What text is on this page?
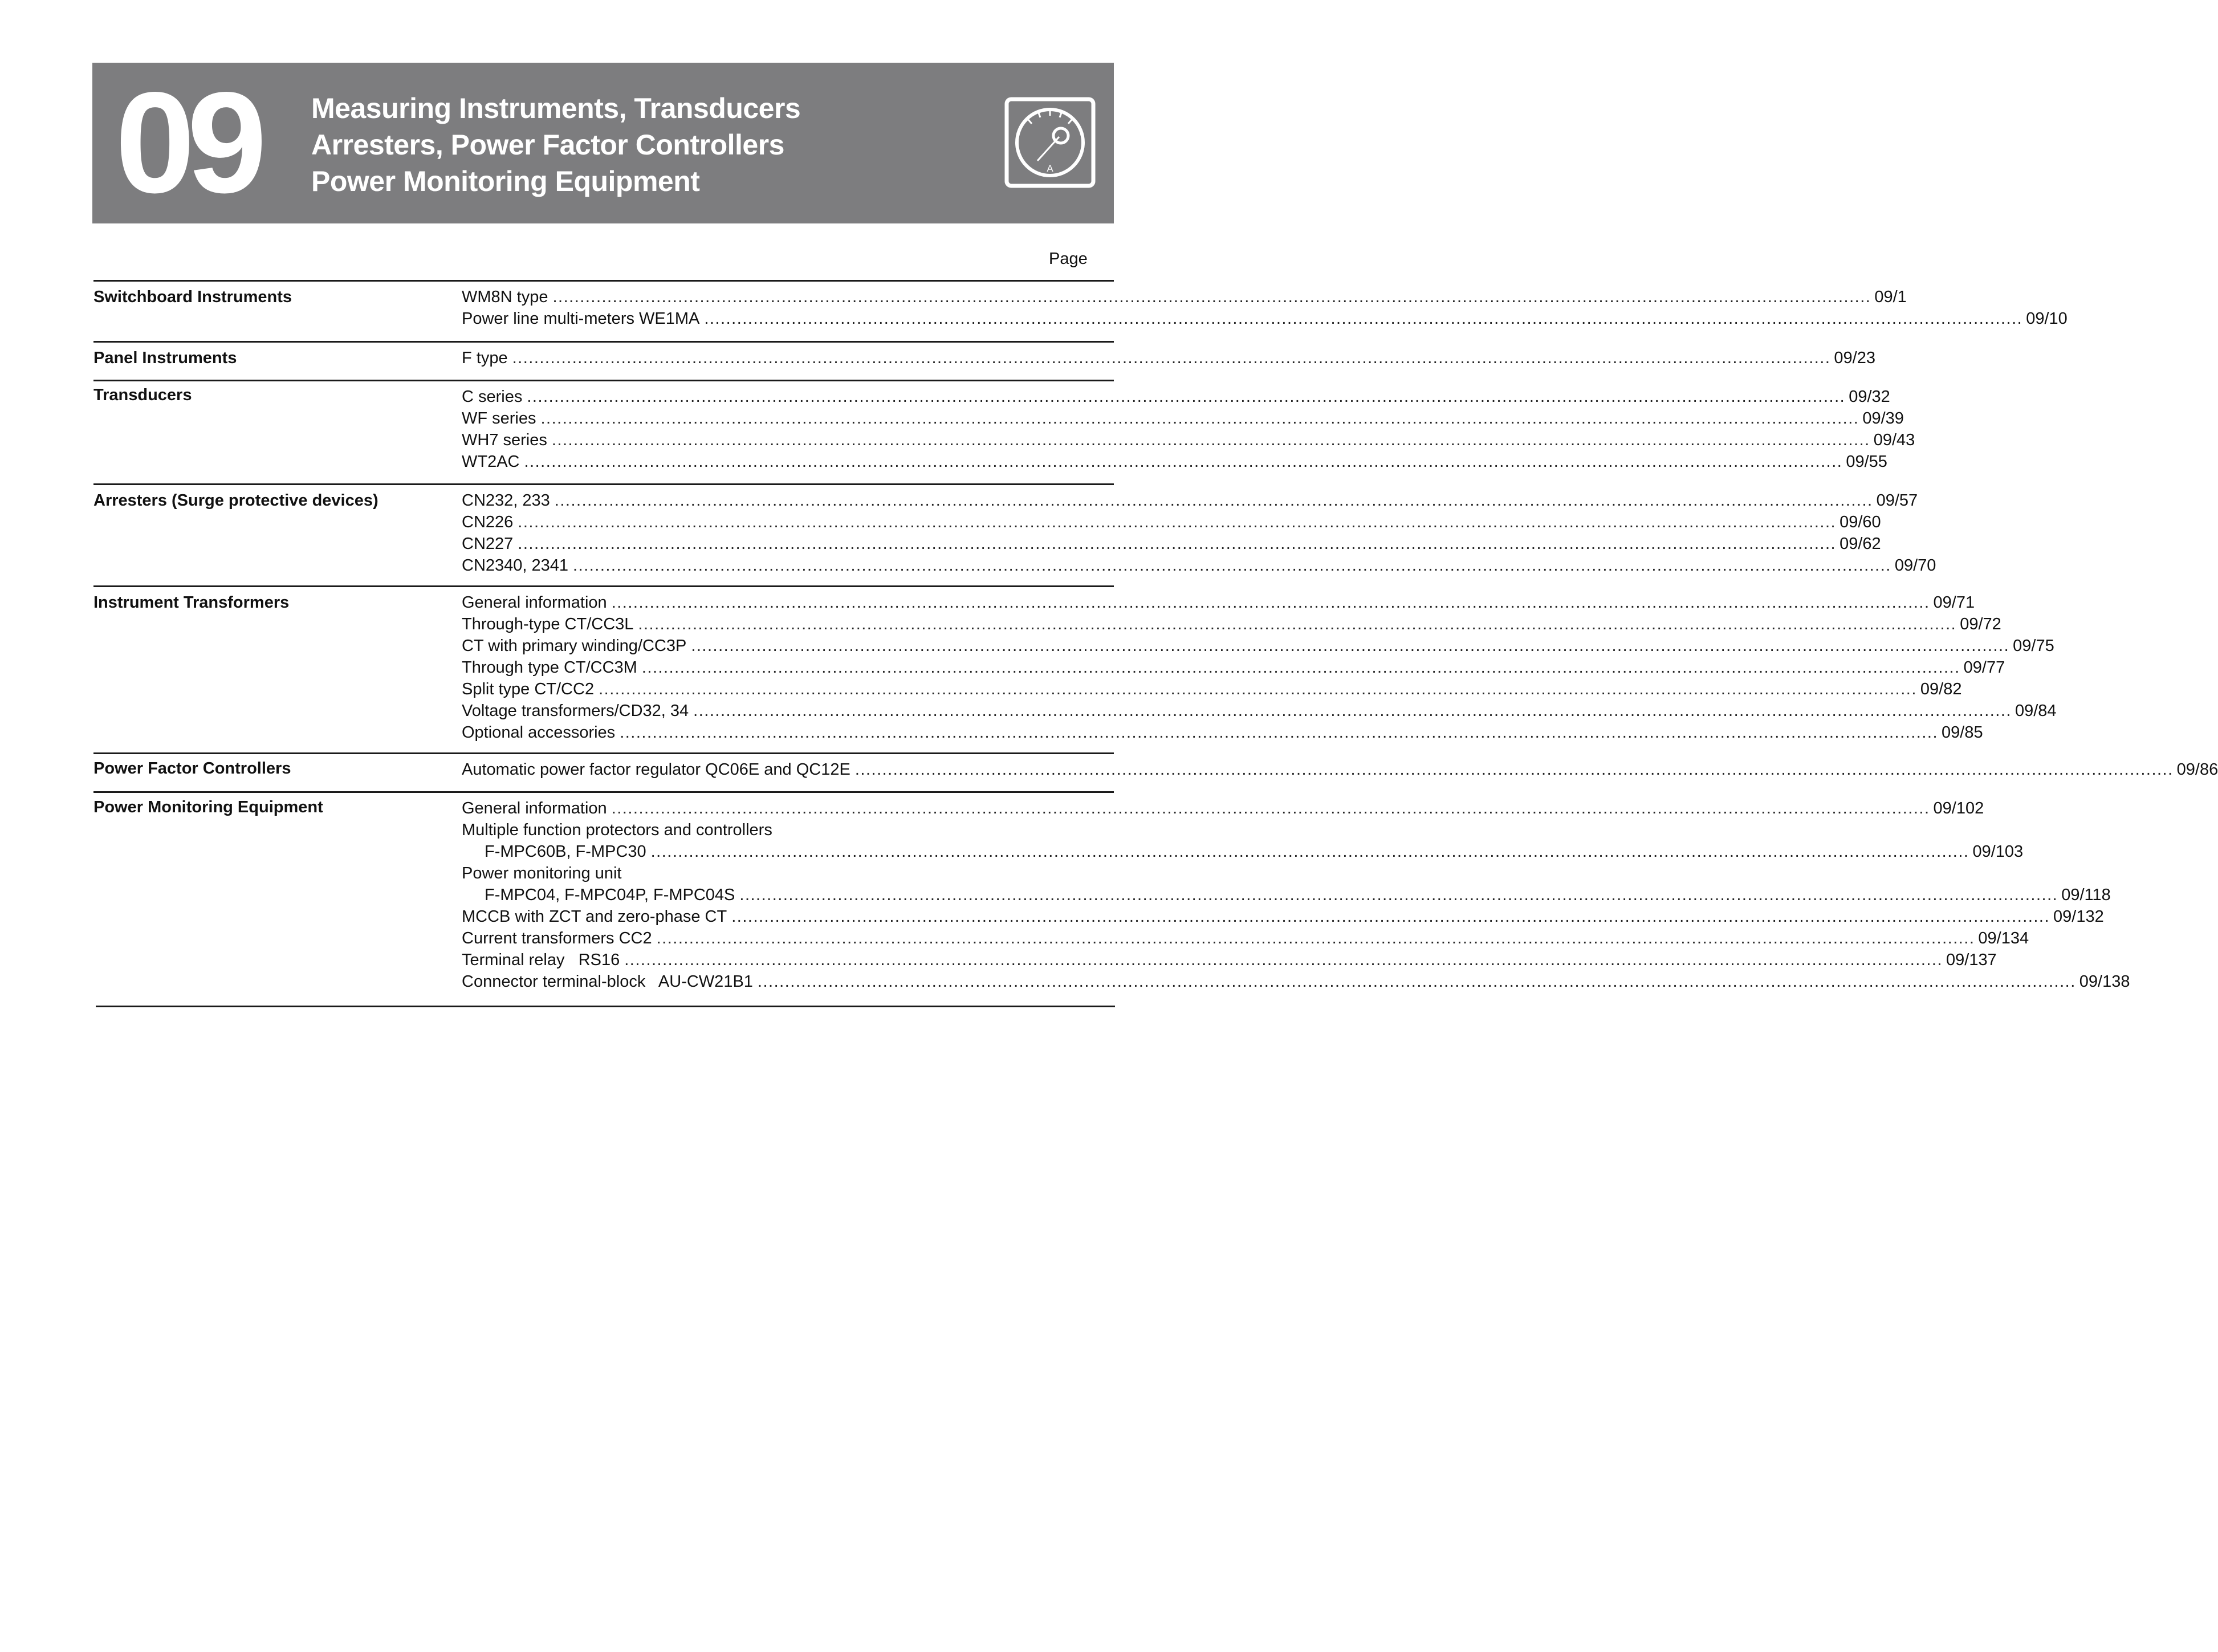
09 Measuring Instruments, Transducers
Arresters, Power Factor Controllers
Power Monitoring Equipment	A
Page
Switchboard Instruments	WM8N type .................................................................................................................................................................................................................................................. 09/1
Power line multi-meters WE1MA .................................................................................................................................................................................................................................................. 09/10
Panel Instruments	F type .................................................................................................................................................................................................................................................. 09/23
Transducers	C series .................................................................................................................................................................................................................................................. 09/32
WF series .................................................................................................................................................................................................................................................. 09/39
WH7 series .................................................................................................................................................................................................................................................. 09/43
WT2AC .................................................................................................................................................................................................................................................. 09/55
Arresters (Surge protective devices)	CN232, 233 .................................................................................................................................................................................................................................................. 09/57
CN226 .................................................................................................................................................................................................................................................. 09/60
CN227 .................................................................................................................................................................................................................................................. 09/62
CN2340, 2341 .................................................................................................................................................................................................................................................. 09/70
Instrument Transformers	General information .................................................................................................................................................................................................................................................. 09/71
Through-type CT/CC3L .................................................................................................................................................................................................................................................. 09/72
CT with primary winding/CC3P .................................................................................................................................................................................................................................................. 09/75
Through type CT/CC3M .................................................................................................................................................................................................................................................. 09/77
Split type CT/CC2 .................................................................................................................................................................................................................................................. 09/82
Voltage transformers/CD32, 34 .................................................................................................................................................................................................................................................. 09/84
Optional accessories .................................................................................................................................................................................................................................................. 09/85
Power Factor Controllers	Automatic power factor regulator QC06E and QC12E .................................................................................................................................................................................................................................................. 09/86
Power Monitoring Equipment	General information .................................................................................................................................................................................................................................................. 09/102
Multiple function protectors and controllers
F-MPC60B, F-MPC30 .................................................................................................................................................................................................................................................. 09/103
Power monitoring unit
F-MPC04, F-MPC04P, F-MPC04S .................................................................................................................................................................................................................................................. 09/118
MCCB with ZCT and zero-phase CT .................................................................................................................................................................................................................................................. 09/132
Current transformers CC2 .................................................................................................................................................................................................................................................. 09/134
Terminal relay   RS16 .................................................................................................................................................................................................................................................. 09/137
Connector terminal-block   AU-CW21B1 .................................................................................................................................................................................................................................................. 09/138
